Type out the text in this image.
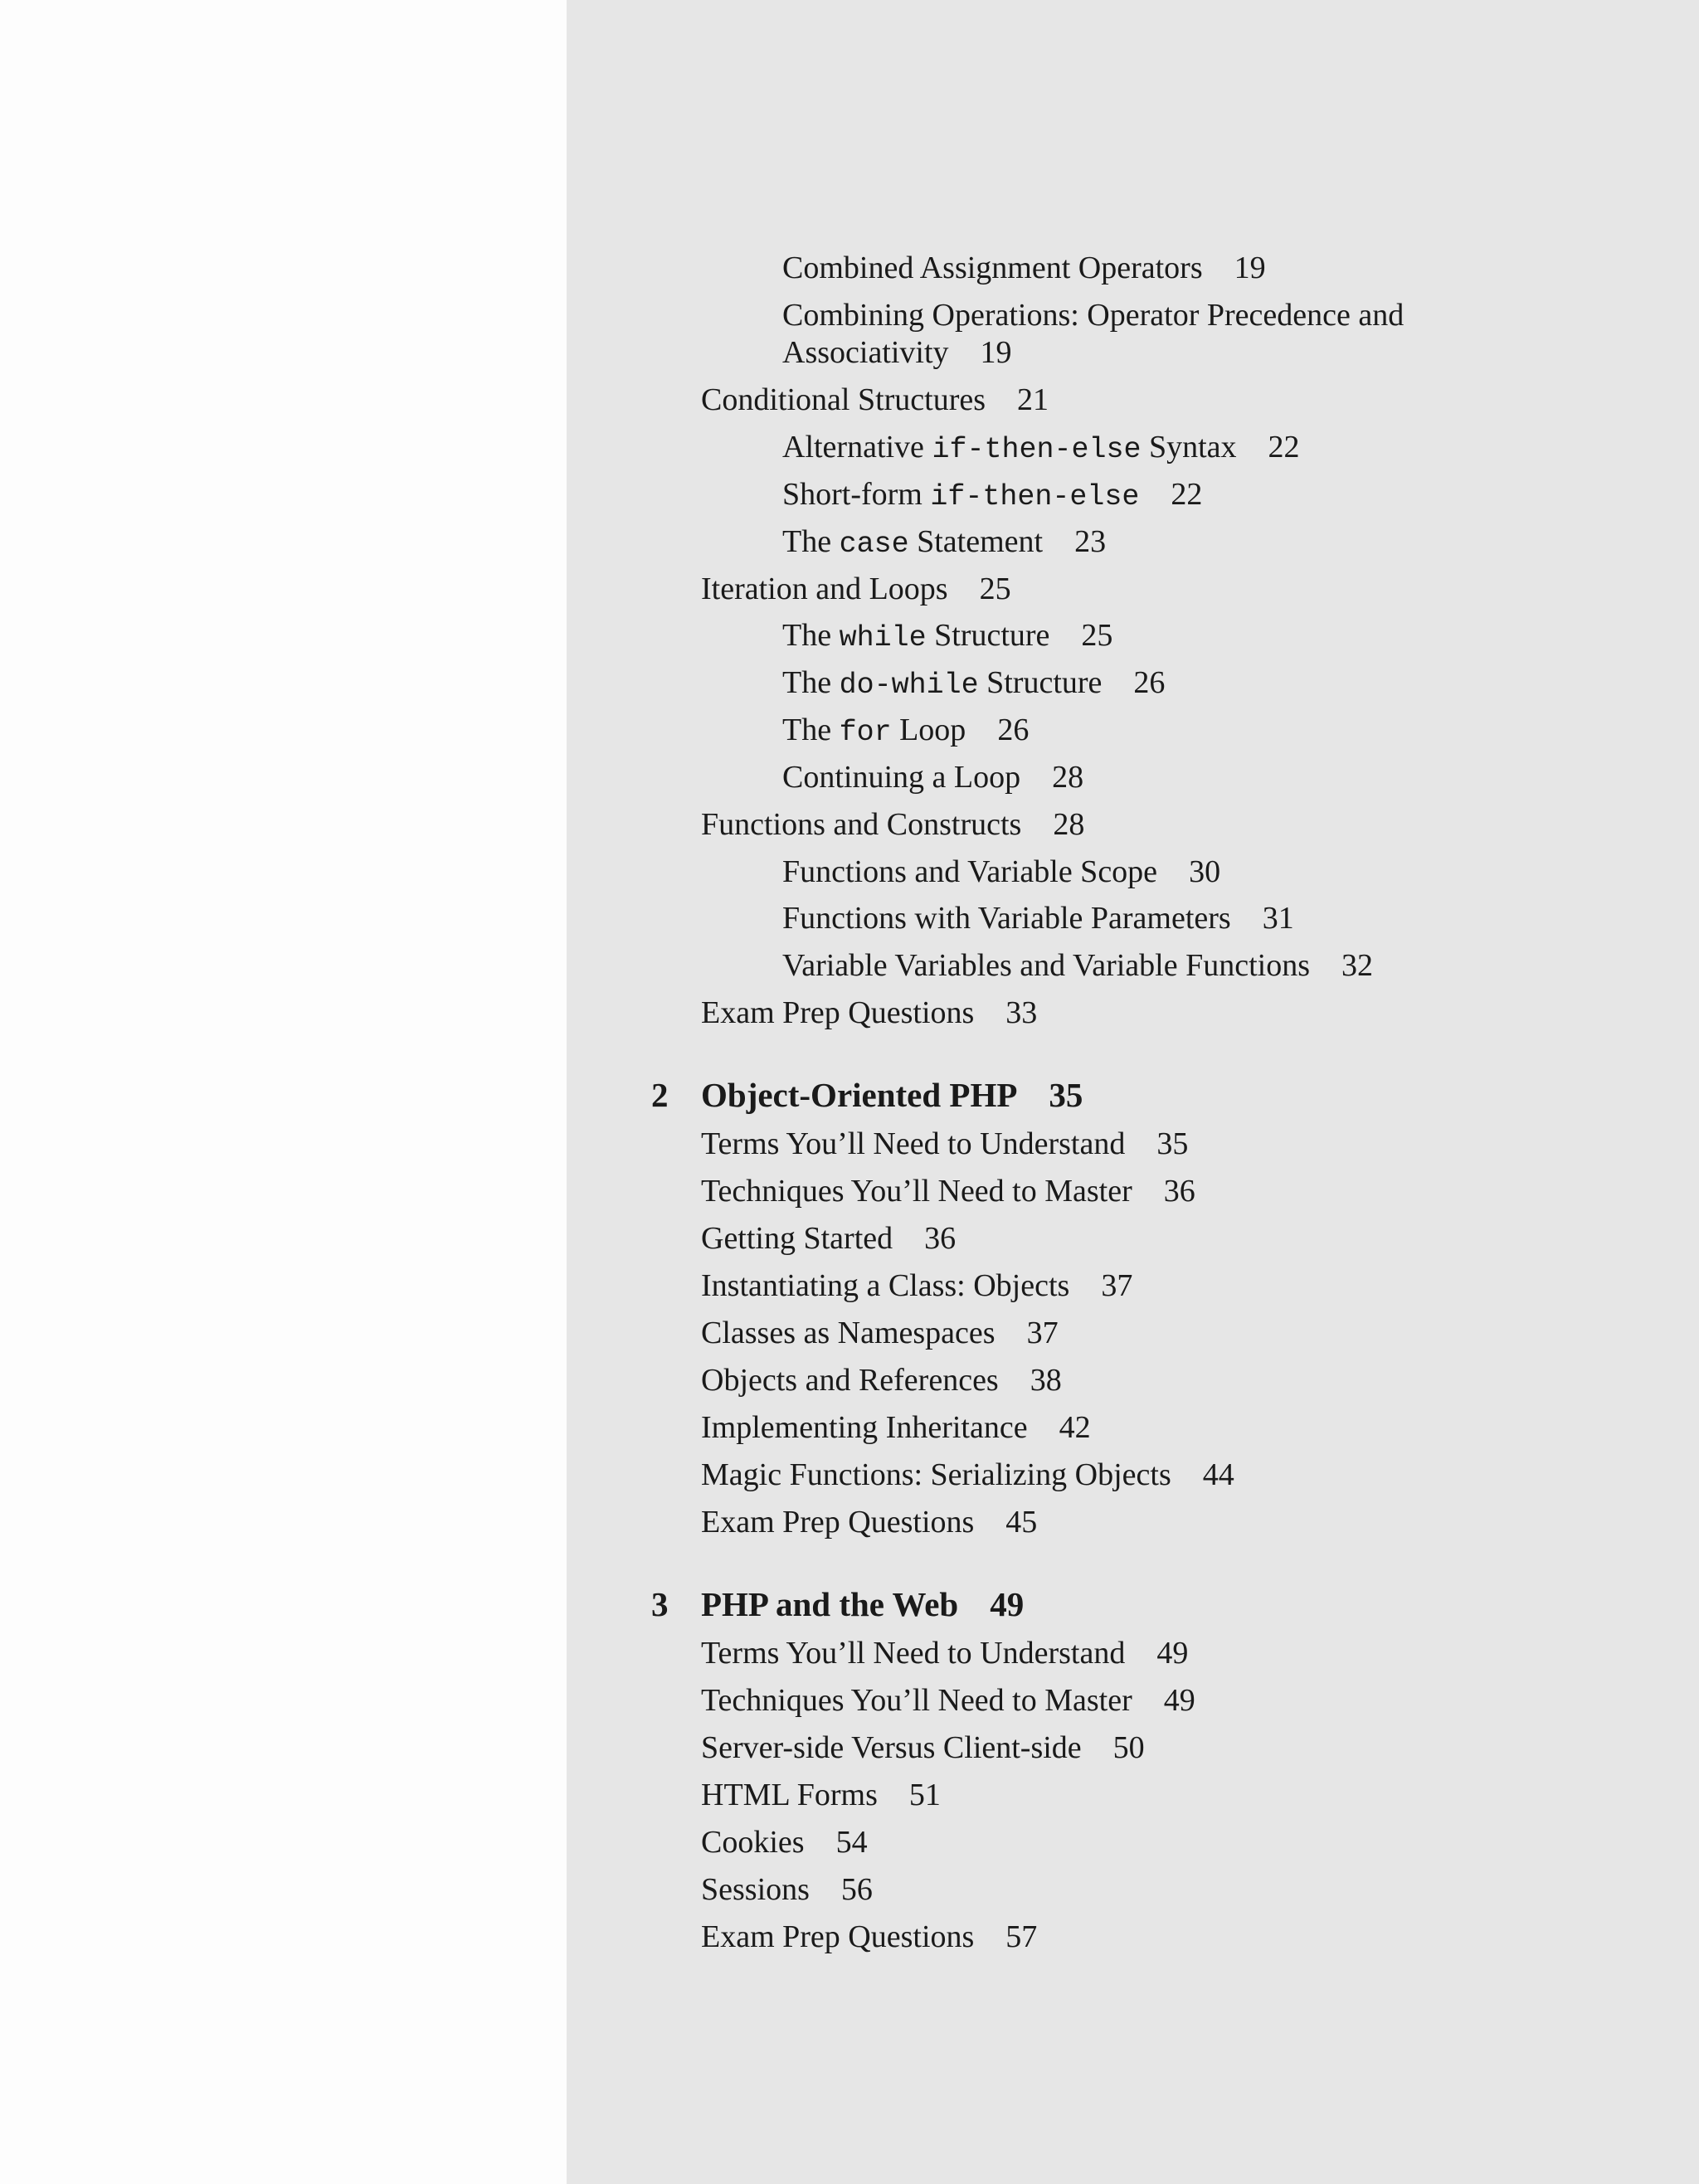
Combined Assignment Operators 19
Combining Operations: Operator Precedence and
Associativity 19
Conditional Structures 21
Alternative if-then-else Syntax 22
Short-form if-then-else 22
The case Statement 23
Iteration and Loops 25
The while Structure 25
The do-while Structure 26
The for Loop 26
Continuing a Loop 28
Functions and Constructs 28
Functions and Variable Scope 30
Functions with Variable Parameters 31
Variable Variables and Variable Functions 32
Exam Prep Questions 33
2 Object-Oriented PHP 35
Terms You’ll Need to Understand 35
Techniques You’ll Need to Master 36
Getting Started 36
Instantiating a Class: Objects 37
Classes as Namespaces 37
Objects and References 38
Implementing Inheritance 42
Magic Functions: Serializing Objects 44
Exam Prep Questions 45
3 PHP and the Web 49
Terms You’ll Need to Understand 49
Techniques You’ll Need to Master 49
Server-side Versus Client-side 50
HTML Forms 51
Cookies 54
Sessions 56
Exam Prep Questions 57
